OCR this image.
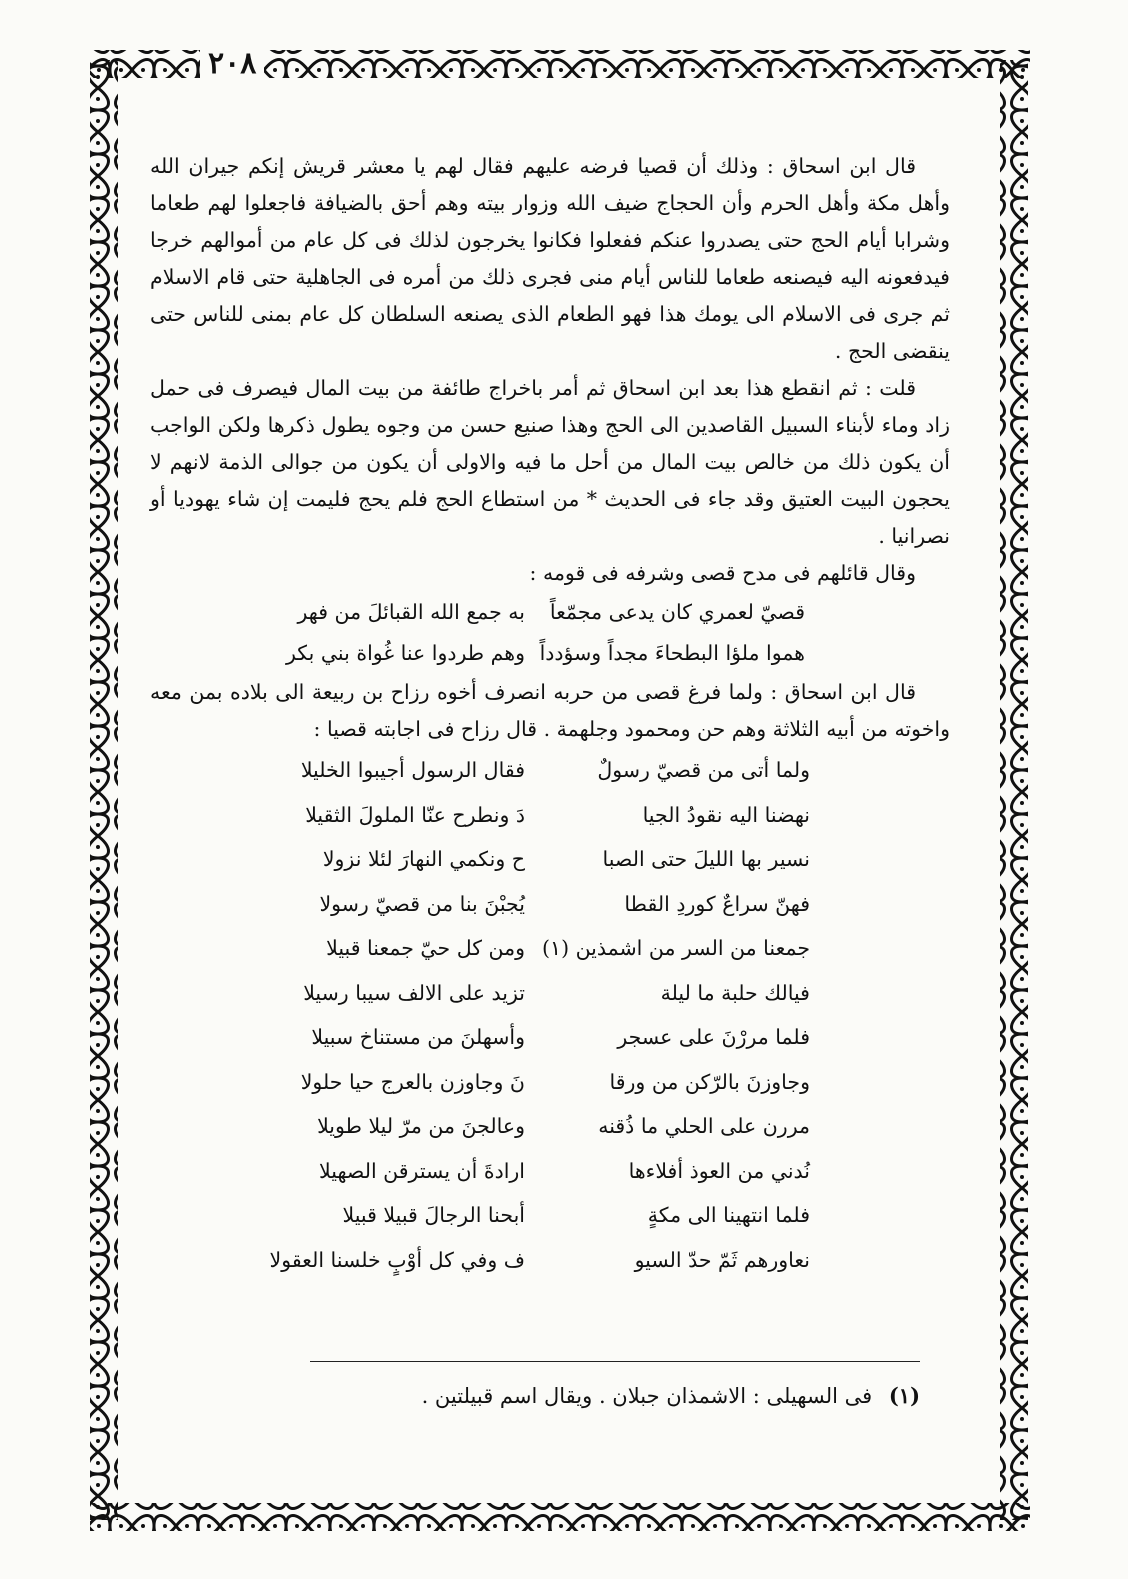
٢٠٨

قال ابن اسحاق : وذلك أن قصيا فرضه عليهم فقال لهم يا معشر قريش إنكم جيران الله وأهل مكة وأهل الحرم وأن الحجاج ضيف الله وزوار بيته وهم أحق بالضيافة فاجعلوا لهم طعاما وشرابا أيام الحج حتى يصدروا عنكم ففعلوا فكانوا يخرجون لذلك فى كل عام من أموالهم خرجا فيدفعونه اليه فيصنعه طعاما للناس أيام منى فجرى ذلك من أمره فى الجاهلية حتى قام الاسلام ثم جرى فى الاسلام الى يومك هذا فهو الطعام الذى يصنعه السلطان كل عام بمنى للناس حتى ينقضى الحج .

قلت : ثم انقطع هذا بعد ابن اسحاق ثم أمر باخراج طائفة من بيت المال فيصرف فى حمل زاد وماء لأبناء السبيل القاصدين الى الحج وهذا صنيع حسن من وجوه يطول ذكرها ولكن الواجب أن يكون ذلك من خالص بيت المال من أحل ما فيه والاولى أن يكون من جوالى الذمة لانهم لا يحجون البيت العتيق وقد جاء فى الحديث * من استطاع الحج فلم يحج فليمت إن شاء يهوديا أو نصرانيا .

وقال قائلهم فى مدح قصى وشرفه فى قومه :

قصيّ لعمري كان يدعى مجمّعاً
به جمع الله القبائلَ من فهر
هموا ملؤا البطحاءَ مجداً وسؤدداً
وهم طردوا عنا غُواة بني بكر

قال ابن اسحاق : ولما فرغ قصى من حربه انصرف أخوه رزاح بن ربيعة الى بلاده بمن معه واخوته من أبيه الثلاثة وهم حن ومحمود وجلهمة . قال رزاح فى اجابته قصيا :

ولما أتى من قصيّ رسولٌ
فقال الرسول أجيبوا الخليلا
نهضنا اليه نقودُ الجيا
دَ ونطرح عنّا الملولَ الثقيلا
نسير بها الليلَ حتى الصبا
ح ونكمي النهارَ لئلا نزولا
فهنّ سراعٌ كوردِ القطا
يُجبْنَ بنا من قصيّ رسولا
جمعنا من السر من اشمذين (١)
ومن كل حيّ جمعنا قبيلا
فيالك حلبة ما ليلة
تزيد على الالف سيبا رسيلا
فلما مررْنَ على عسجر
وأسهلنَ من مستناخ سبيلا
وجاوزنَ بالرّكن من ورقا
نَ وجاوزن بالعرج حيا حلولا
مررن على الحلي ما ذُقنه
وعالجنَ من مرّ ليلا طويلا
نُدني من العوذ أفلاءها
ارادةَ أن يسترقن الصهيلا
فلما انتهينا الى مكةٍ
أبحنا الرجالَ قبيلا قبيلا
نعاورهم ثَمّ حدّ السيو
ف وفي كل أوْبٍ خلسنا العقولا
(١) فى السهيلى : الاشمذان جبلان . ويقال اسم قبيلتين .
